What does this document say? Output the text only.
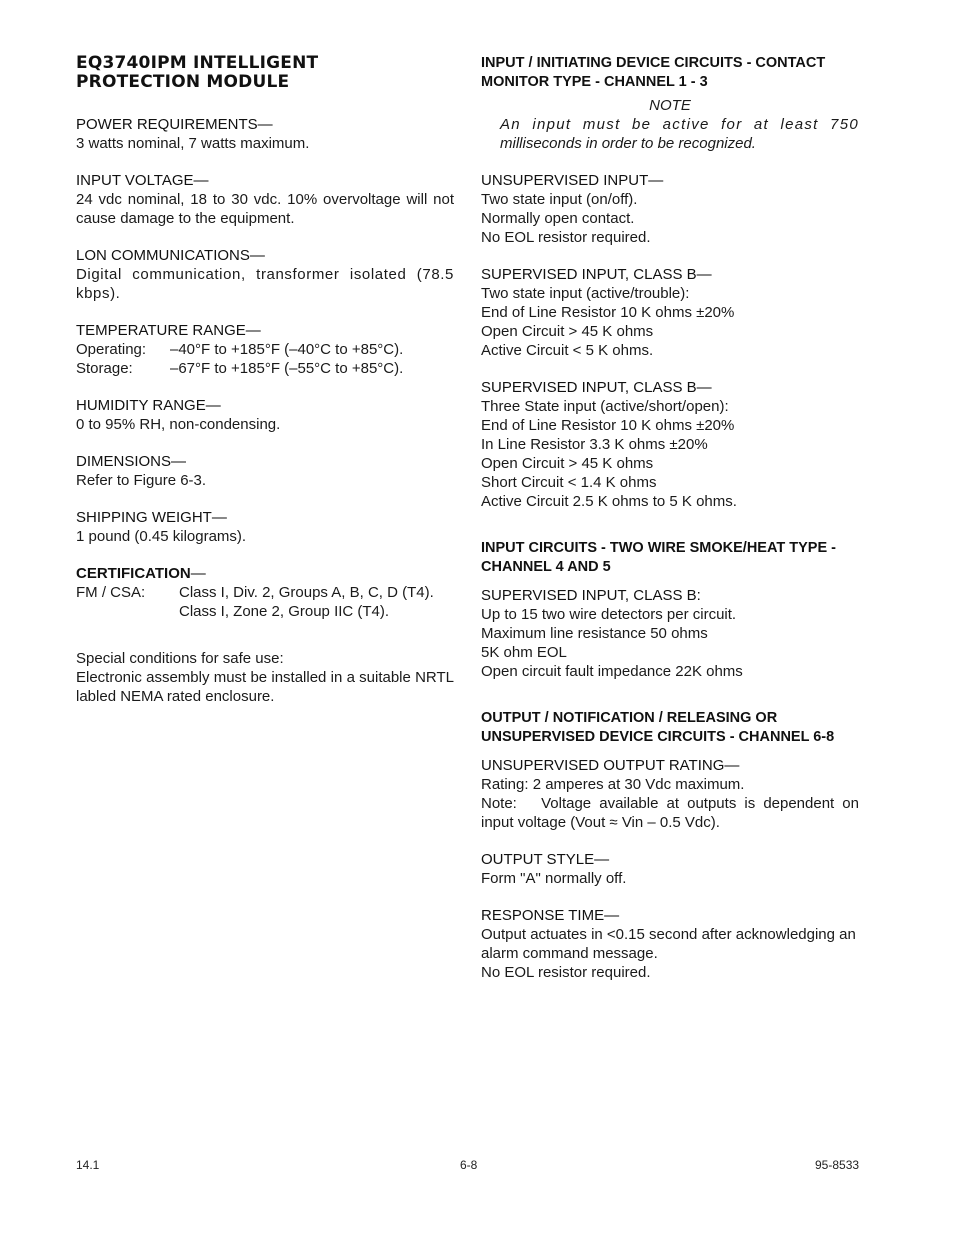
EQ3740IPM INTELLIGENT
PROTECTION MODULE

POWER REQUIREMENTS—

3 watts nominal, 7 watts maximum.

INPUT VOLTAGE—

24 vdc nominal, 18 to 30 vdc. 10% overvoltage will not cause damage to the equipment.

LON COMMUNICATIONS—

Digital communication, transformer isolated (78.5 kbps).

TEMPERATURE RANGE—

Operating:	–40°F to +185°F (–40°C to +85°C).
Storage:	–67°F to +185°F (–55°C to +85°C).

HUMIDITY RANGE—

0 to 95% RH, non-condensing.

DIMENSIONS—

Refer to Figure 6-3.

SHIPPING WEIGHT—

1 pound (0.45 kilograms).

CERTIFICATION—

FM / CSA:	Class I, Div. 2, Groups A, B, C, D (T4).
Class I, Zone 2, Group IIC (T4).

Special conditions for safe use:

Electronic assembly must be installed in a suitable NRTL labled NEMA rated enclosure.

INPUT / INITIATING DEVICE CIRCUITS - CONTACT

MONITOR TYPE - CHANNEL 1 - 3

NOTE
An input must be active for at least 750
milliseconds in order to be recognized.

UNSUPERVISED INPUT—

Two state input (on/off).

Normally open contact.

No EOL resistor required.

SUPERVISED INPUT, CLASS B—

Two state input (active/trouble):

End of Line Resistor 10 K ohms ±20%

Open Circuit > 45 K ohms

Active Circuit < 5 K ohms.

SUPERVISED INPUT, CLASS B—

Three State input (active/short/open):

End of Line Resistor 10 K ohms ±20%

In Line Resistor 3.3 K ohms ±20%

Open Circuit > 45 K ohms

Short Circuit < 1.4 K ohms

Active Circuit 2.5 K ohms to 5 K ohms.

INPUT CIRCUITS - TWO WIRE SMOKE/HEAT TYPE -

CHANNEL 4 AND 5

SUPERVISED INPUT, CLASS B:

Up to 15 two wire detectors per circuit.

Maximum line resistance 50 ohms

5K ohm EOL

Open circuit fault impedance 22K ohms

OUTPUT / NOTIFICATION / RELEASING OR

UNSUPERVISED DEVICE CIRCUITS - CHANNEL 6-8

UNSUPERVISED OUTPUT RATING—

Rating: 2 amperes at 30 Vdc maximum.

Note:   Voltage available at outputs is dependent on input voltage (Vout ≈ Vin – 0.5 Vdc).

OUTPUT STYLE—

Form "A" normally off.

RESPONSE TIME—

Output actuates in <0.15 second after acknowledging an alarm command message.

No EOL resistor required.

14.1	6-8	95-8533
